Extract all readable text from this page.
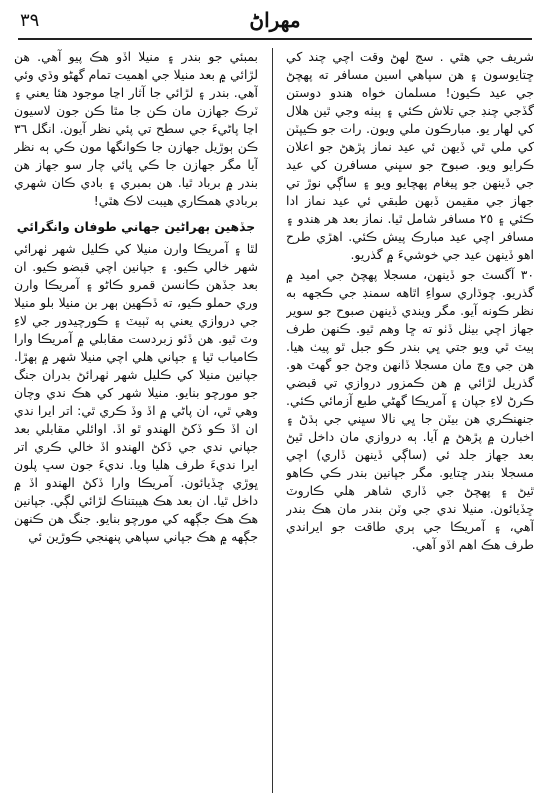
٣٩	مهراڻ

شريف جي هٿي . سج لهڻ وقت اچي چند کي ڇتايوسون ۽ هن سپاهي اسين مسافر ته پهچڻ جي عيد ڪيون! مسلمان خواه هندو دوستن گڏجي چنڊ جي تلاش ڪئي ۽ ٻيٺه وجي ٿين هلال کي لهار يو. مبارڪون ملي ويون. رات جو ڪيپٽن کي ملي ٿي ڏيهن ئي عيد نماز پڙهڻ جو اعلان ڪرايو ويو. صبوح جو سڀني مسافرن کي عيد جي ڏينهن جو پيغام پهچايو ويو ۽ ساڳي نوڙ تي جهاز جي مقيمن ڏبهن طبقي ئي عيد نماز ادا ڪئي ۽ ٢٥ مسافر شامل ٿيا. نماز بعد هر هندو ۽ مسافر اچي عيد مبارڪ پيش ڪئي. اهڙي طرح اهو ڏينهن عيد جي خوشيءَ ۾ گذريو.

٣٠ آگسٽ جو ڏينهن، مسجلا پهچڻ جي اميد ۾ گذريو. چوڌاري سواءِ اٿاهه سمنڊ جي ڪجهه به نظر ڪونه آيو. مگر ويندي ڏينهن صبوح جو سوير جهاز اچي بيٺل ڏٺو ته ڇا وهم ٿيو. ڪنهن طرف ٻيٽ ٿي ويو جتي ڀي بندر ڪو جبل ٿو پيٺ هيا. هن جي وچ مان مسجلا ڏانهن وڃڻ جو گهٽ هو. گذريل لڙائي ۾ هن ڪمزور دروازي تي قبضي ڪرڻ لاءِ جپان ۽ آمريڪا گهڻي طبع آزمائي ڪئي. جنهنڪري هن بيٽن جا ڀي نالا سڀني جي ٻڌڻ ۽ اخبارن ۾ پڙهڻ ۾ آيا. ٻه دروازي مان داخل ٿيڻ بعد جهاز جلد ئي (ساڳي ڏينهن ڏاري) اچي مسجلا بندر ڇتايو. مگر جپانين بندر ڪي ڪاهو ٿيڻ ۽ پهچڻ جي ڏاري شاهر هلي ڪاروٽ ڇڏيائون. منيلا ندي جي وٽن بندر مان هڪ بندر آهي، ۽ آمريڪا جي ٻري طاقت جو ايراندي طرف هڪ اهم اڏو آهي.

بمبئي جو بندر ۽ منيلا اڏو هڪ پيو آهي. هن لڙائي ۾ بعد منيلا جي اهميت تمام گهڻو وڌي وئي آهي. بندر ۽ لڙائي جا آثار اڃا موجود هئا يعني ۽ ٽرڪ جهازن مان ڪن جا مٿا ڪن جون لاسيون اڃا پاڻيءَ جي سطح تي پئي نظر آيون. انگل ٣٦ ڪن ٻوڙيل جهازن جا ڪوانگها مون ڪي ٻه نظر آيا مگر جهازن جا ڪي ڀائي چار سو جهاز هن بندر ۾ برباد ٿيا. هن بمبري ۽ بادي ڪان شهري بربادي همڪاري هيبت لاڪ هٿي!

جڏهين ٻهراڻين جهاني طوفان وانگرائي

لٿا ۽ آمريڪا وارن منيلا کي ڪليل شهر ٺهرائي شهر خالي ڪيو. ۽ جپانين اچي قبضو ڪيو. ان بعد جڏهن ڪانسن قمرو ڪاڻو ۽ آمريڪا وارن وري حملو ڪيو، ته ڏڪهين ٻهر بن منيلا بلو منيلا جي دروازي يعني ٻه ٽٻيٽ ۽ ڪورچيدور جي لاءِ وٽ ٿيو. هن ڏئو زبردست مقابلي ۾ آمريڪا وارا ڪامياب ٿيا ۽ جپاني هلي اچي منيلا شهر ۾ ٻهڙا. جپانين منيلا کي ڪليل شهر ٺهرائڻ بدران جنگ جو مورچو بنايو. منيلا شهر کي هڪ ندي وچان وهي ٿي، ان پاڻي ۾ اڏ وڏ ڪري ٿي: اتر ايرا ندي ان اڏ ڪو ڏکڻ الهندو ٿو اڏ. اوائلي مقابلي بعد جپاني ندي جي ڏکڻ الهندو اڏ خالي ڪري اتر ايرا نديءَ طرف هليا ويا. نديءَ جون سڀ پلون ڀوڙي ڇڏيائون. آمريڪا وارا ڏکڻ الهندو اڏ ۾ داخل ٿيا. ان بعد هڪ هيبتناڪ لڙائي لڳي. جپانين هڪ هڪ جڳهه کي مورچو بنايو. جنگ هن ڪنهن جڳهه ۾ هڪ جپاني سپاهي پنهنجي ڪوڙين ئي
